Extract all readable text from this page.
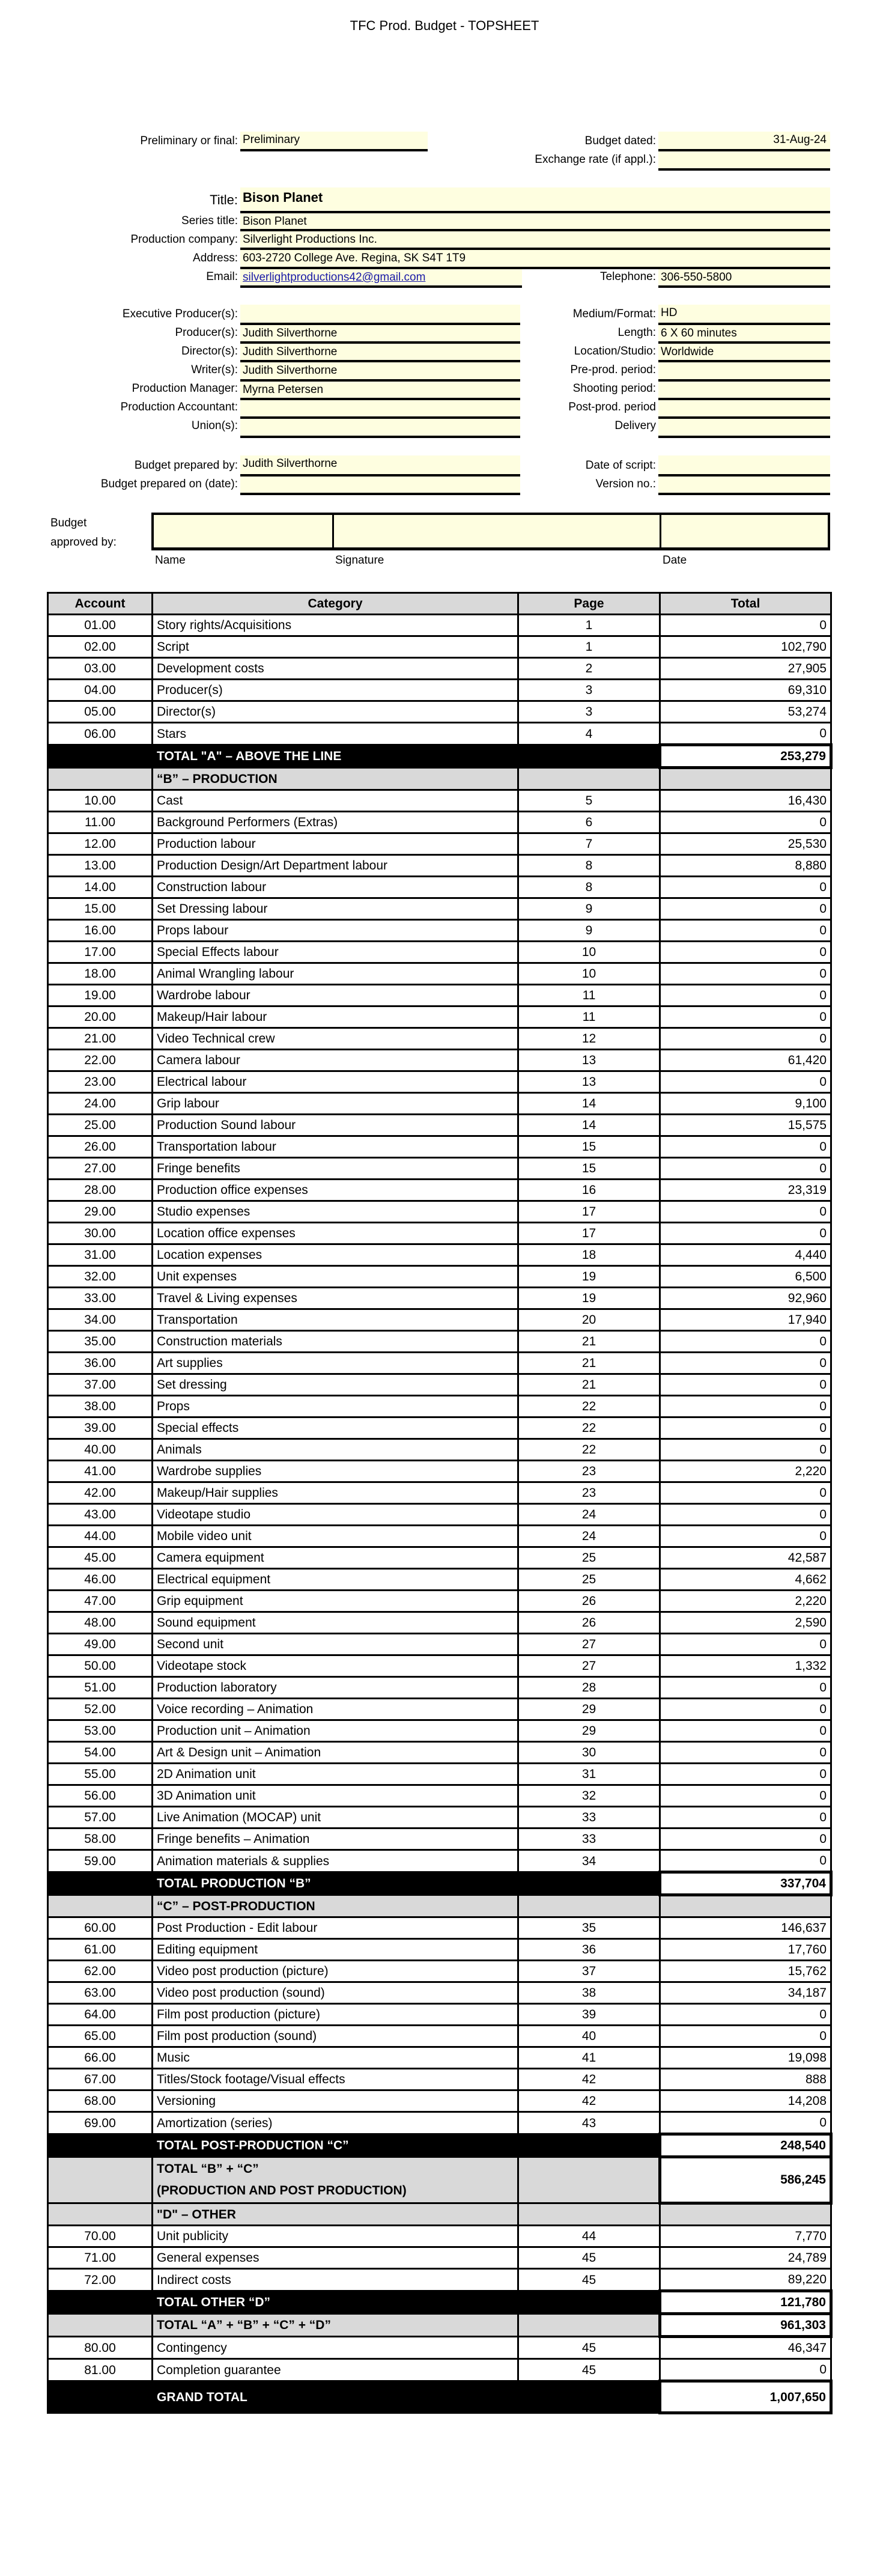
TFC Prod. Budget - TOPSHEET
Preliminary or final: Preliminary	Budget dated:	31-Aug-24
Exchange rate (if appl.):
Title: Bison Planet
Series title: Bison Planet
Production company: Silverlight Productions Inc.
Address: 603-2720 College Ave. Regina, SK S4T 1T9
Email: silverlightproductions42@gmail.com	Telephone: 306-550-5800
Executive Producer(s):
Producer(s): Judith Silverthorne
Director(s): Judith Silverthorne
Writer(s): Judith Silverthorne
Production Manager: Myrna Petersen
Production Accountant:
Union(s):
Medium/Format: HD
Length: 6 X 60 minutes
Location/Studio: Worldwide
Pre-prod. period:
Shooting period:
Post-prod. period
Delivery
Budget prepared by: Judith Silverthorne
Budget prepared on (date):
Date of script:
Version no.:
Budget
approved by:
Name	Signature	Date
Account	Category	Page	Total
01.00	Story rights/Acquisitions	1	0
02.00	Script	1	102,790
03.00	Development costs	2	27,905
04.00	Producer(s)	3	69,310
05.00	Director(s)	3	53,274
06.00	Stars	4	0
	TOTAL "A" – ABOVE THE LINE		253,279
	“B” – PRODUCTION		
10.00	Cast	5	16,430
11.00	Background Performers (Extras)	6	0
12.00	Production labour	7	25,530
13.00	Production Design/Art Department labour	8	8,880
14.00	Construction labour	8	0
15.00	Set Dressing labour	9	0
16.00	Props labour	9	0
17.00	Special Effects labour	10	0
18.00	Animal Wrangling labour	10	0
19.00	Wardrobe labour	11	0
20.00	Makeup/Hair labour	11	0
21.00	Video Technical crew	12	0
22.00	Camera labour	13	61,420
23.00	Electrical labour	13	0
24.00	Grip labour	14	9,100
25.00	Production Sound labour	14	15,575
26.00	Transportation labour	15	0
27.00	Fringe benefits	15	0
28.00	Production office expenses	16	23,319
29.00	Studio expenses	17	0
30.00	Location office expenses	17	0
31.00	Location expenses	18	4,440
32.00	Unit expenses	19	6,500
33.00	Travel & Living expenses	19	92,960
34.00	Transportation	20	17,940
35.00	Construction materials	21	0
36.00	Art supplies	21	0
37.00	Set dressing	21	0
38.00	Props	22	0
39.00	Special effects	22	0
40.00	Animals	22	0
41.00	Wardrobe supplies	23	2,220
42.00	Makeup/Hair supplies	23	0
43.00	Videotape studio	24	0
44.00	Mobile video unit	24	0
45.00	Camera equipment	25	42,587
46.00	Electrical equipment	25	4,662
47.00	Grip equipment	26	2,220
48.00	Sound equipment	26	2,590
49.00	Second unit	27	0
50.00	Videotape stock	27	1,332
51.00	Production laboratory	28	0
52.00	Voice recording – Animation	29	0
53.00	Production unit – Animation	29	0
54.00	Art & Design unit – Animation	30	0
55.00	2D Animation unit	31	0
56.00	3D Animation unit	32	0
57.00	Live Animation (MOCAP) unit	33	0
58.00	Fringe benefits – Animation	33	0
59.00	Animation materials & supplies	34	0
	TOTAL PRODUCTION “B”		337,704
	“C” – POST-PRODUCTION		
60.00	Post Production - Edit labour	35	146,637
61.00	Editing equipment	36	17,760
62.00	Video post production (picture)	37	15,762
63.00	Video post production (sound)	38	34,187
64.00	Film post production (picture)	39	0
65.00	Film post production (sound)	40	0
66.00	Music	41	19,098
67.00	Titles/Stock footage/Visual effects	42	888
68.00	Versioning	42	14,208
69.00	Amortization (series)	43	0
	TOTAL POST-PRODUCTION “C”		248,540

	TOTAL “B” + “C”
(PRODUCTION AND POST PRODUCTION)		586,245
	"D" – OTHER		
70.00	Unit publicity	44	7,770
71.00	General expenses	45	24,789
72.00	Indirect costs	45	89,220
	TOTAL OTHER “D”		121,780
	TOTAL “A” + “B” + “C” + “D”		961,303
80.00	Contingency	45	46,347
81.00	Completion guarantee	45	0
	GRAND TOTAL		1,007,650
